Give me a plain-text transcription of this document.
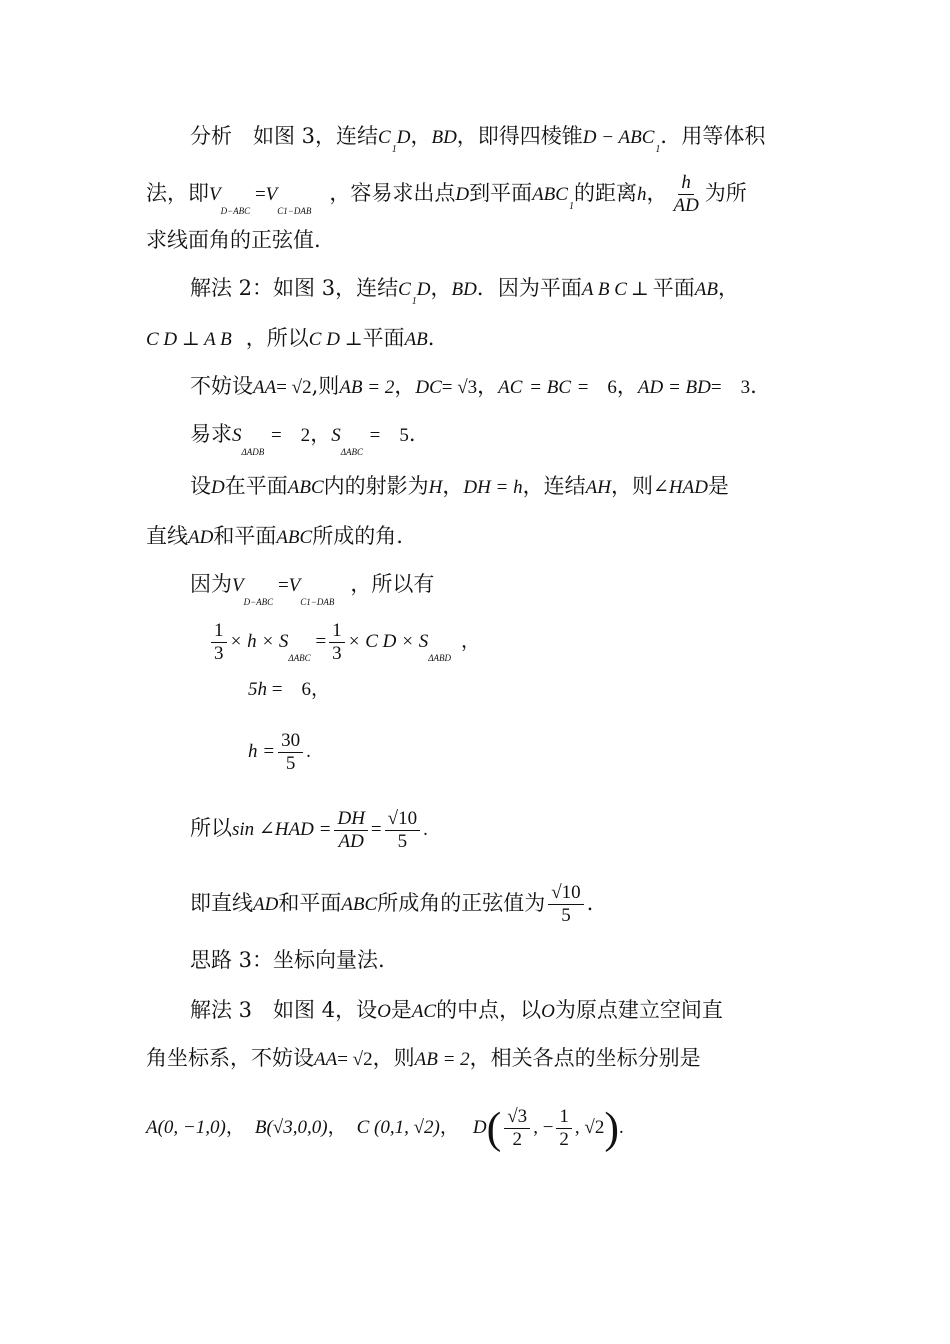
分析　如图 3，连结$C_1D$，BD，即得四棱锥$D - ABC_1$．用等体积
法，即$V_{D-ABC} =V_{C1-DAB}$，容易求出点D到平面$ABC_1$的距离h， $\frac{h}{AD}$ 为所
求线面角的正弦值.
解法 2：如图 3，连结$C_1D$，BD．因为平面A B C ⊥ 平面AB，
C D ⊥ A B ，所以C D ⊥平面AB.
不妨设AA= √2,则AB = 2，DC= √3，AC = BC =　6，AD = BD=　3.
易求$S_{\Delta ADB}$ =　2，$S_{\Delta ABC}$ =　5.
设D在平面ABC内的射影为H，DH = h，连结AH，则∠HAD是
直线AD和平面ABC所成的角.
因为$V_{D-ABC} =V_{C1-DAB}$，所以有
$\frac{1}{3} \times h \times S_{\Delta ABC} = \frac{1}{3} \times C$ $D \times S_{\Delta ABD}$，
5h =　6，
$h = \frac{30}{5}$ .
所以sin ∠HAD = $\frac{DH}{AD} = \frac{√10}{5}$ .
即直线AD和平面ABC所成角的正弦值为 $\frac{√10}{5}$ .
思路 3：坐标向量法.
解法 3　如图 4，设O是AC的中点，以O为原点建立空间直
角坐标系，不妨设AA= √2，则AB = 2，相关各点的坐标分别是
A(0, −1,0)， B(√3,0,0)， C (0,1, √2)， $D( \frac{√3}{2}$ , − $\frac{1}{2}$ , √2).
